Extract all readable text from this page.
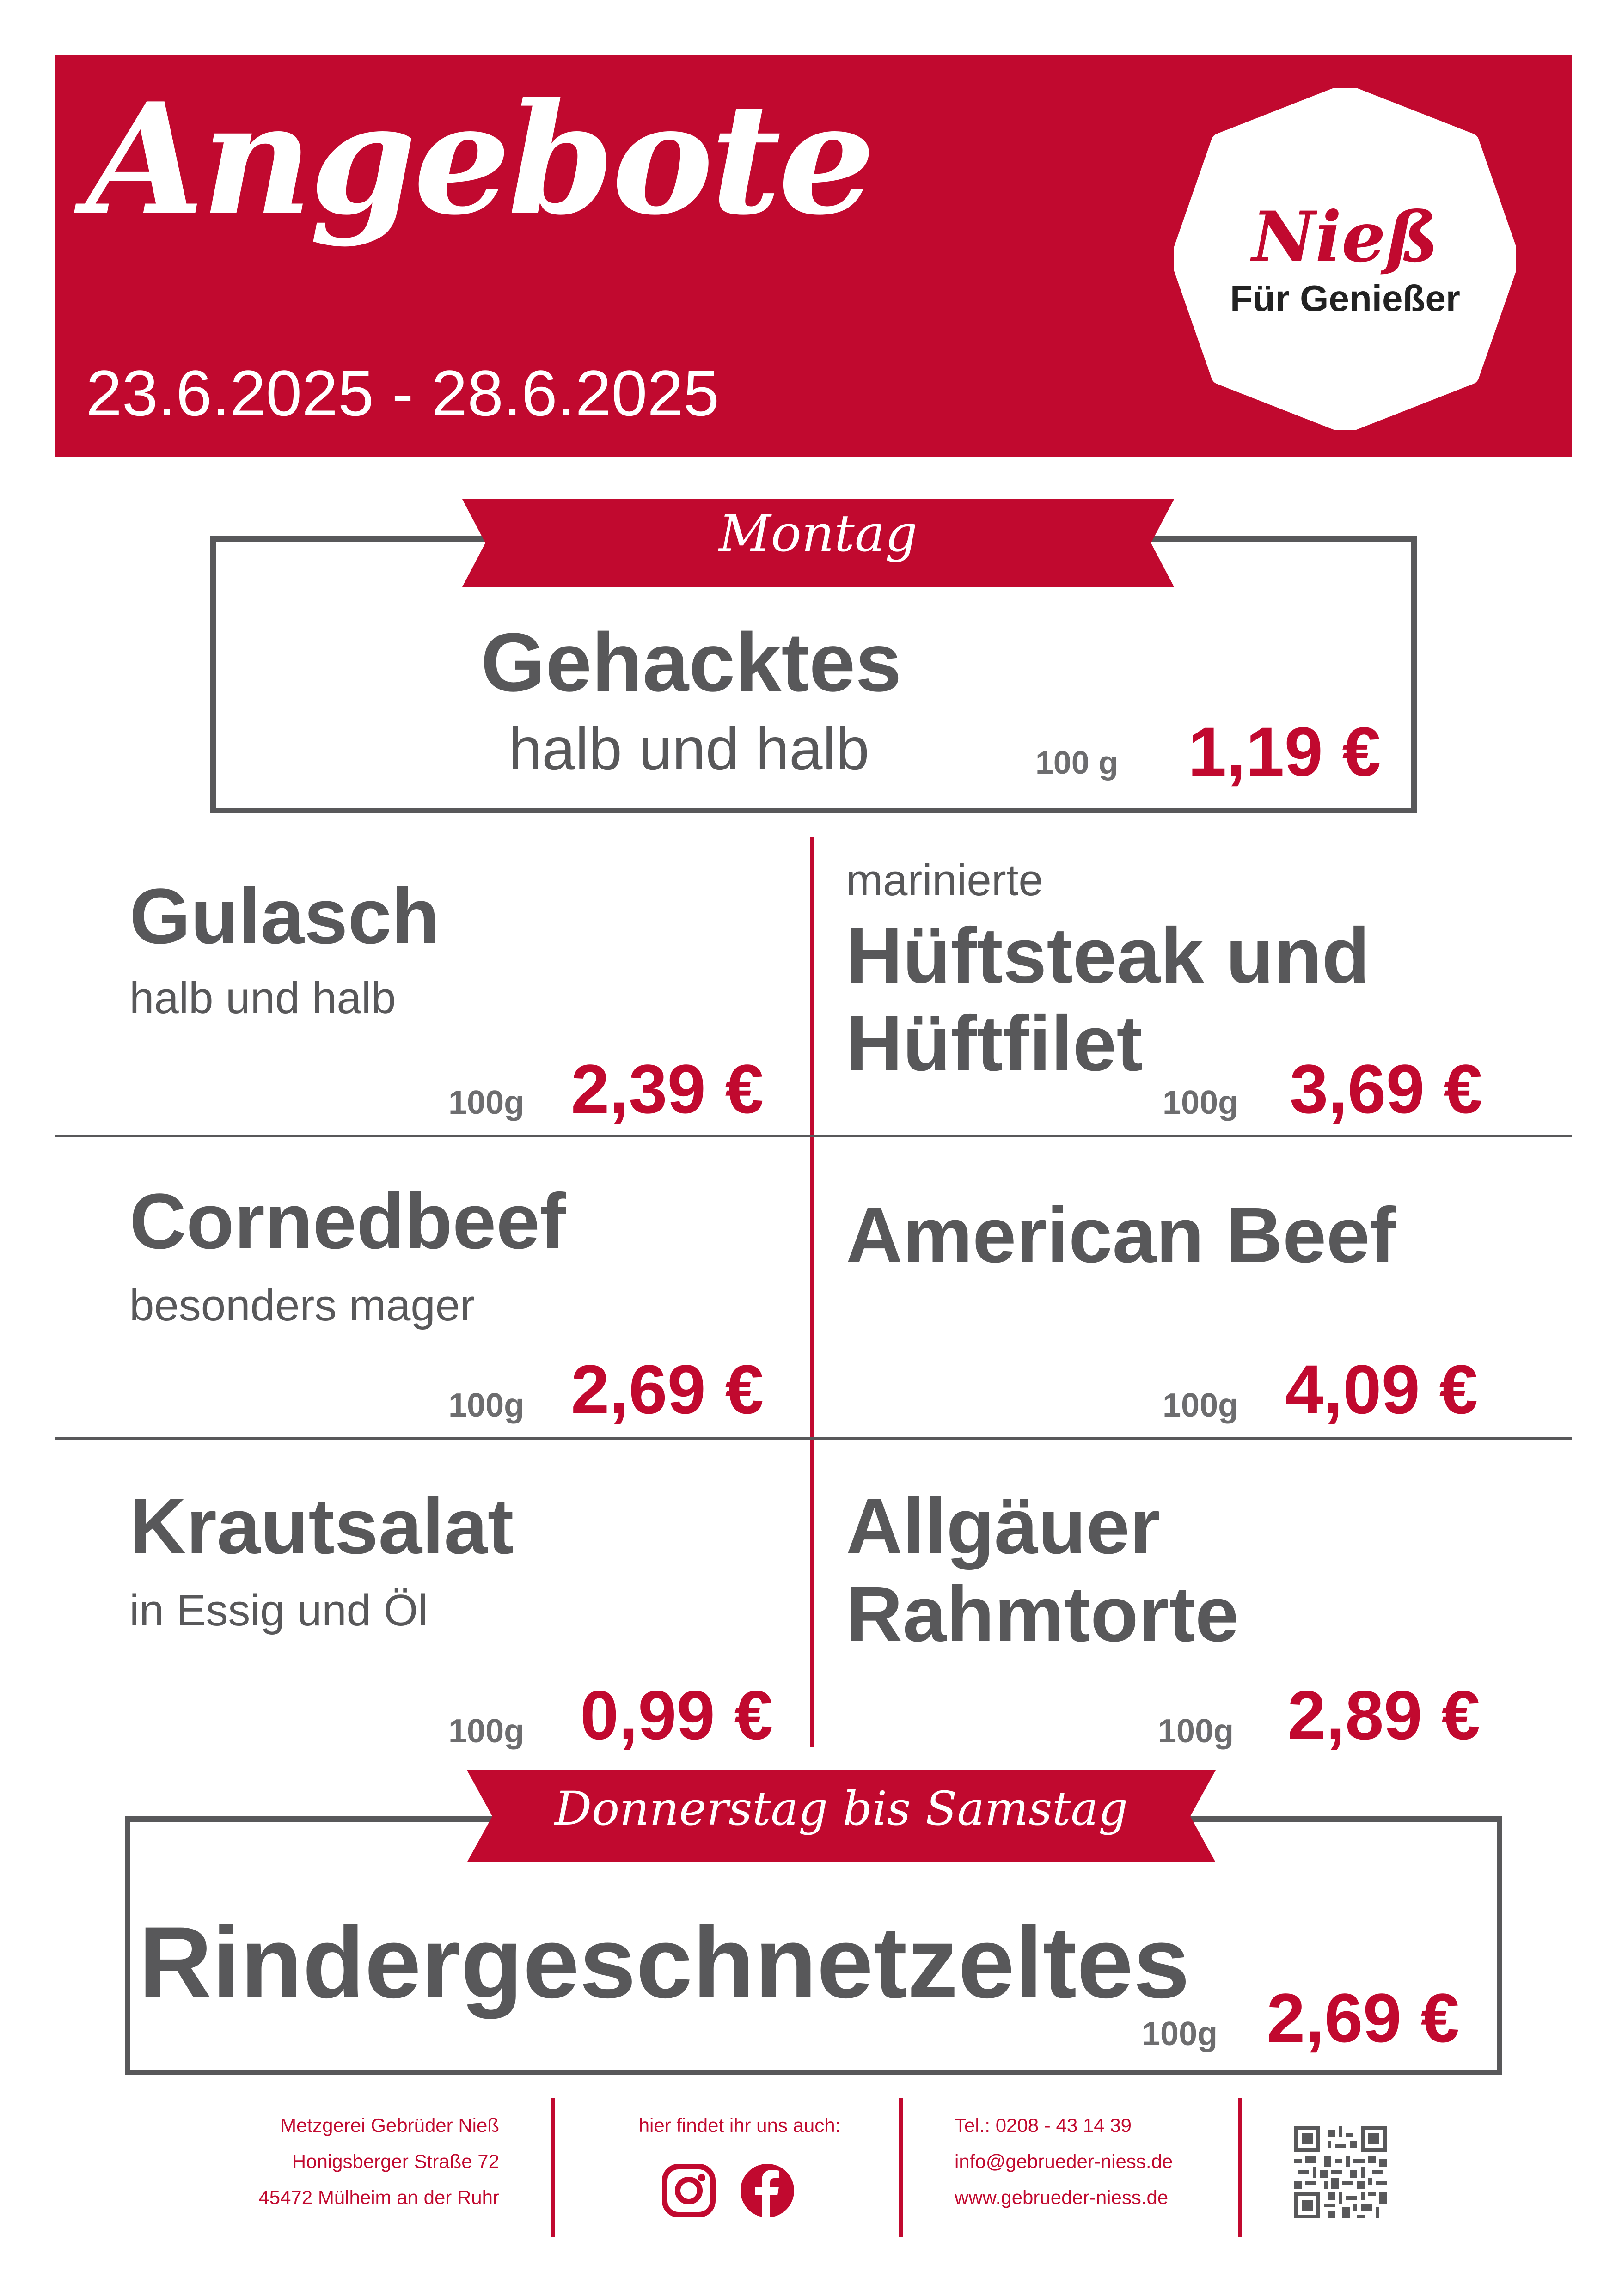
Angebote
23.6.2025 - 28.6.2025
Nieß
Für Genießer
Montag
Gehacktes
halb und halb	100 g 1,19 €
Gulasch
halb und halb
100g 2,39 €
marinierte
Hüftsteak und
Hüftfilet
100g 3,69 €
Cornedbeef
besonders mager
100g 2,69 €
American Beef
100g 4,09 €
Krautsalat
in Essig und Öl
100g 0,99 €
Allgäuer
Rahmtorte
100g 2,89 €
Donnerstag bis Samstag
Rindergeschnetzeltes
100g 2,69 €
Metzgerei Gebrüder Nieß
Honigsberger Straße 72
45472 Mülheim an der Ruhr
hier findet ihr uns auch:	Tel.: 0208 - 43 14 39
info@gebrueder-niess.de
www.gebrueder-niess.de
